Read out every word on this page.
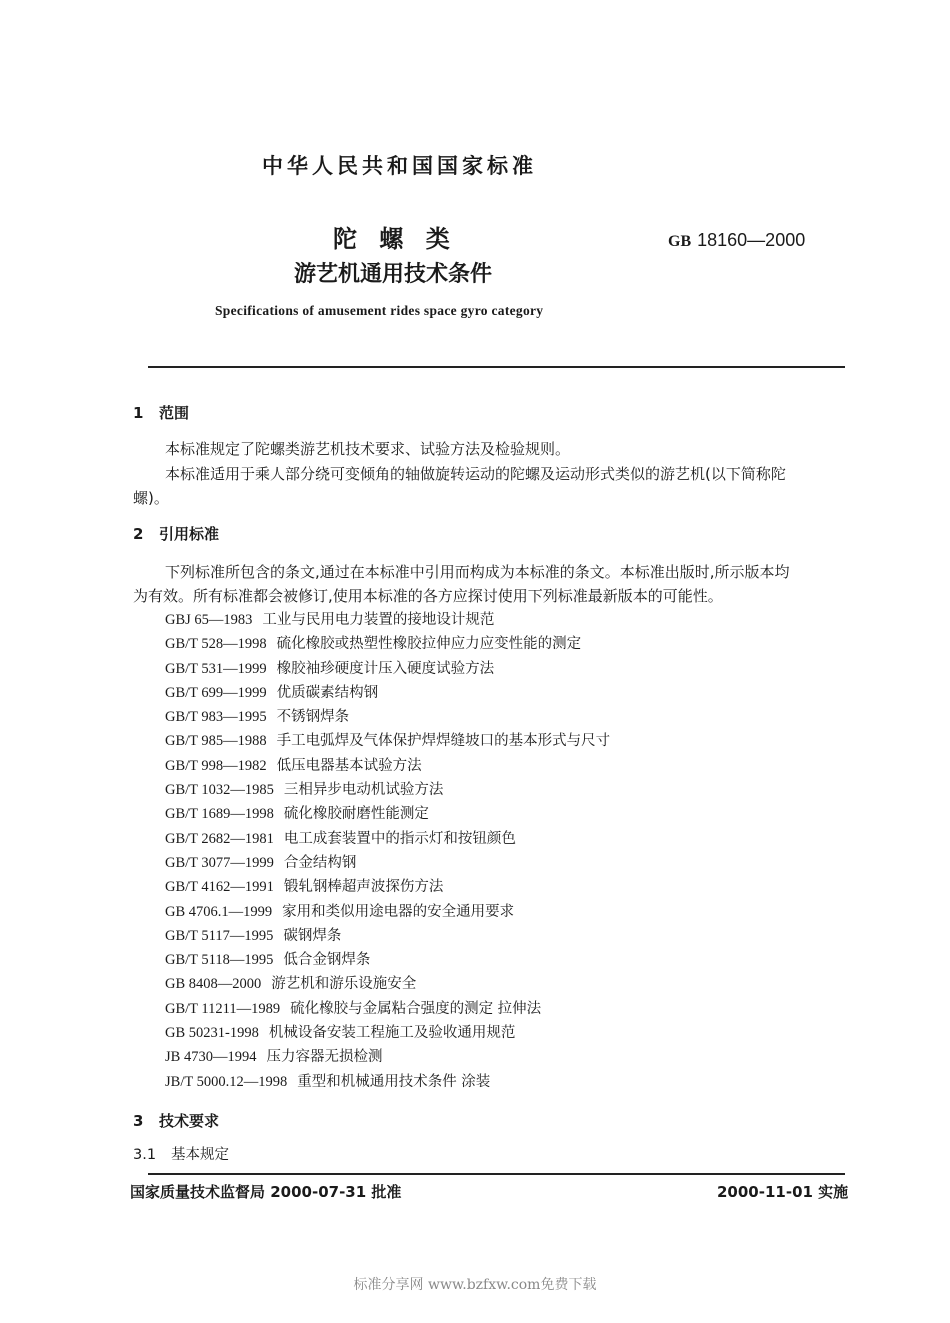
中华人民共和国国家标准
陀 螺 类
游艺机通用技术条件
GB 18160—2000
Specifications of amusement rides space gyro category
1 范围
本标准规定了陀螺类游艺机技术要求、试验方法及检验规则。
本标准适用于乘人部分绕可变倾角的轴做旋转运动的陀螺及运动形式类似的游艺机(以下简称陀
螺)。
2 引用标准
下列标准所包含的条文,通过在本标准中引用而构成为本标准的条文。本标准出版时,所示版本均
为有效。所有标准都会被修订,使用本标准的各方应探讨使用下列标准最新版本的可能性。
GBJ 65—1983 工业与民用电力装置的接地设计规范
GB/T 528—1998 硫化橡胶或热塑性橡胶拉伸应力应变性能的测定
GB/T 531—1999 橡胶袖珍硬度计压入硬度试验方法
GB/T 699—1999 优质碳素结构钢
GB/T 983—1995 不锈钢焊条
GB/T 985—1988 手工电弧焊及气体保护焊焊缝坡口的基本形式与尺寸
GB/T 998—1982 低压电器基本试验方法
GB/T 1032—1985 三相异步电动机试验方法
GB/T 1689—1998 硫化橡胶耐磨性能测定
GB/T 2682—1981 电工成套装置中的指示灯和按钮颜色
GB/T 3077—1999 合金结构钢
GB/T 4162—1991 锻轧钢棒超声波探伤方法
GB 4706.1—1999 家用和类似用途电器的安全通用要求
GB/T 5117—1995 碳钢焊条
GB/T 5118—1995 低合金钢焊条
GB 8408—2000 游艺机和游乐设施安全
GB/T 11211—1989 硫化橡胶与金属粘合强度的测定 拉伸法
GB 50231-1998 机械设备安装工程施工及验收通用规范
JB 4730—1994 压力容器无损检测
JB/T 5000.12—1998 重型和机械通用技术条件 涂装
3 技术要求
3.1 基本规定
国家质量技术监督局 2000-07-31 批准	2000-11-01 实施
标准分享网 www.bzfxw.com免费下载
